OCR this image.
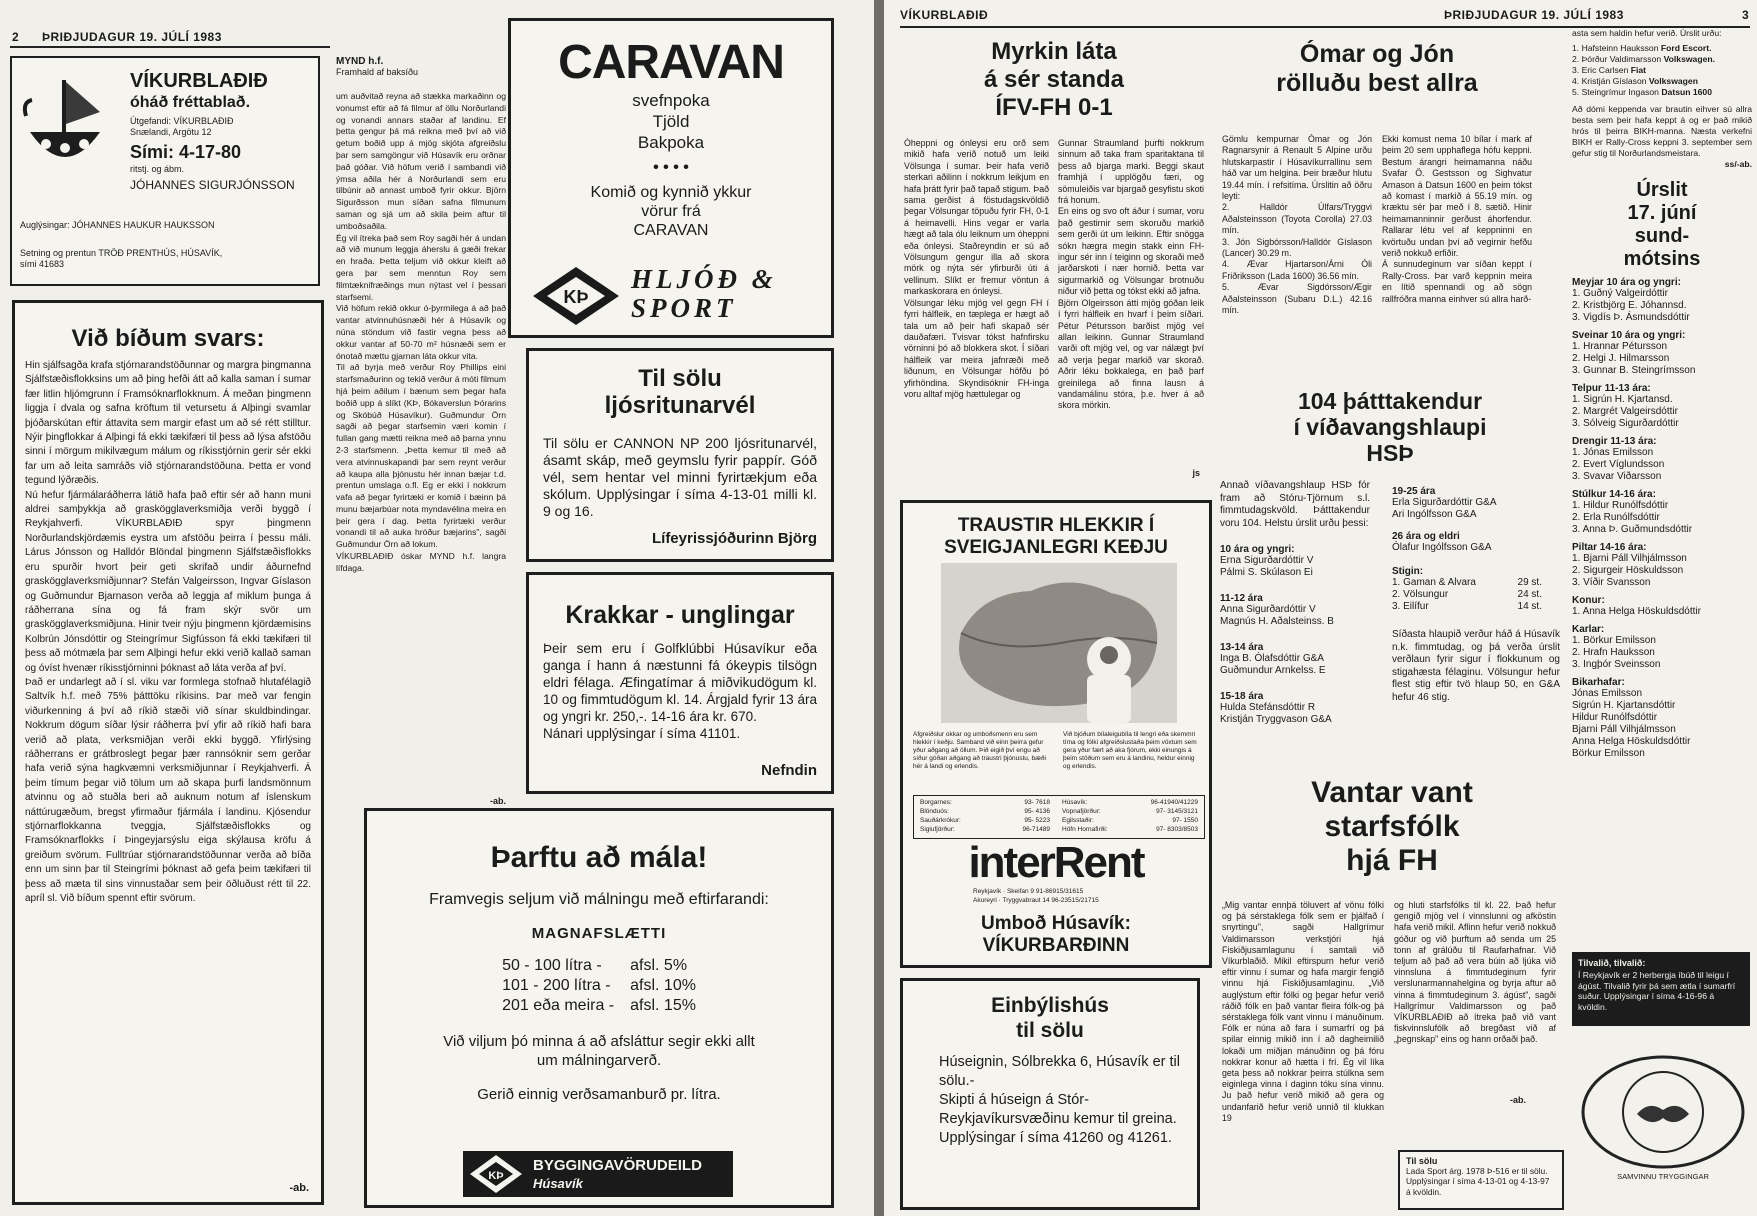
2 ÞRIÐJUDAGUR 19. JÚLÍ 1983
VÍKURBLAÐIÐ
óháð fréttablað.
Útgefandi: VÍKURBLAÐIÐ
Snælandi, Argötu 12
Sími: 4-17-80
ritstj. og ábm.
JÓHANNES SIGURJÓNSSON
Auglýsingar: JÓHANNES HAUKUR HAUKSSON
Setning og prentun TRÖÐ PRENTHÚS, HÚSAVÍK,
sími 41683
Við bíðum svars:
Hin sjálfsagða krafa stjórnarandstöðunnar og margra þingmanna Sjálfstæðisflokksins um að þing hefði átt að kalla saman í sumar fær litlin hljómgrunn í Framsóknarflokknum. Á meðan þingmenn liggja í dvala og safna kröftum til vetursetu á Alþingi svamlar þjóðarskútan eftir áttavita sem margir efast um að sé rétt stilltur. Nýir þingflokkar á Alþingi fá ekki tækifæri til þess að lýsa afstöðu sinni í mörgum mikilvægum málum og ríkisstjórnin gerir sér ekki far um að leita samráðs við stjórnarandstöðuna. Þetta er vond tegund lýðræðis.
Nú hefur fjármálaráðherra látið hafa það eftir sér að hann muni aldrei samþykkja að graskögglaverksmiðja verði byggð í Reykjahverfi. VÍKURBLAÐIÐ spyr þingmenn Norðurlandskjördæmis eystra um afstöðu þeirra í þessu máli. Lárus Jónsson og Halldór Blöndal þingmenn Sjálfstæðisflokks eru spurðir hvort þeir geti skrifað undir áðurnefnd graskögglaverksmiðjunnar? Stefán Valgeirsson, Ingvar Gíslason og Guðmundur Bjarnason verða að leggja af miklum þunga á ráðherrana sína og fá fram skýr svör um graskögglaverksmiðjuna. Hinir tveir nýju þingmenn kjördæmisins Kolbrún Jónsdóttir og Steingrímur Sigfússon fá ekki tækifæri til þess að mótmæla þar sem Alþingi hefur ekki verið kallað saman og óvíst hvenær ríkisstjórninni þóknast að láta verða af því.
Það er undarlegt að í sl. viku var formlega stofnað hlutafélagið Saltvík h.f. með 75% þátttöku ríkisins. Þar með var fengin viðurkenning á því að ríkið stæði við sínar skuldbindingar. Nokkrum dögum síðar lýsir ráðherra því yfir að ríkið hafi bara verið að plata, verksmiðjan verði ekki byggð. Yfirlýsing ráðherrans er grátbroslegt þegar þær rannsóknir sem gerðar hafa verið sýna hagkvæmni verksmiðjunnar í Reykjahverfi. Á þeim tímum þegar við tölum um að skapa þurfi landsmönnum atvinnu og að stuðla beri að auknum notum af íslenskum náttúrugæðum, bregst yfirmaður fjármála í landinu. Kjósendur stjórnarflokkanna tveggja, Sjálfstæðisflokks og Framsóknarflokks í Þingeyjarsýslu eiga skýlausa kröfu á greiðum svörum. Fulltrúar stjórnarandstöðunnar verða að bíða enn um sinn þar til Steingrími þóknast að gefa þeim tækifæri til þess að mæta til sins vinnustaðar sem þeir öðluðust rétt til 22. apríl sl. Við bíðum spennt eftir svörum.
-ab.
MYND h.f.
Framhald af baksíðu
um auðvitað reyna að stækka markaðinn og vonumst eftir að fá filmur af öllu Norðurlandi og vonandi annars staðar af landinu. Ef þetta gengur þá má reikna með því að við getum boðið upp á mjög skjóta afgreiðslu þar sem samgöngur við Húsavík eru orðnar það góðar. Við höfum verið í sambandi við ýmsa aðila hér á Norðurlandi sem eru tilbúnir að annast umboð fyrir okkur. Björn Sigurðsson mun síðan safna filmunum saman og sjá um að skila þeim aftur til umboðsaðila.
Ég vil ítreka það sem Roy sagði hér á undan að við munum leggja áherslu á gæði frekar en hraða. Þetta teljum við okkur kleift að gera þar sem menntun Roy sem filmtæknifræðings mun nýtast vel í þessari starfsemi.
Við höfum rekið okkur ó-þyrmilega á að það vantar atvinnuhúsnæði hér á Húsavík og núna stöndum við fastir vegna þess að okkur vantar af 50-70 m² húsnæði sem er ónotað mættu gjarnan láta okkur vita.
Til að byrja með verður Roy Phillips eini starfsmaðurinn og tekið verður á móti filmum hjá þeim aðilum í bænum sem þegar hafa boðið upp á slíkt (KÞ, Bókaverslun Þórarins og Skóbúð Húsavíkur). Guðmundur Örn sagði að þegar starfsemin væri komin í fullan gang mætti reikna með að þarna ynnu 2-3 starfsmenn. „Þetta kemur til með að vera atvinnuskapandi þar sem reynt verður að kaupa alla þjónustu hér innan bæjar t.d. prentun umslaga o.fl. Eg er ekki í nokkrum vafa að þegar fyrirtæki er komið í bæinn þá munu bæjarbúar nota myndavélina meira en þeir gera í dag. Þetta fyrirtæki verður vonandi til að auka hróður bæjarins", sagði Guðmundur Örn að lokum.
VÍKURBLAÐIÐ óskar MYND h.f. langra lífdaga.
-ab.
CARAVAN
svefnpoka
Tjöld
Bakpoka
• • • •
Komið og kynnið ykkur
vörur frá
CARAVAN
KÞ
HLJÓÐ &
SPORT
Til sölu
ljósritunarvél
Til sölu er CANNON NP 200 ljósritunarvél, ásamt skáp, með geymslu fyrir pappír. Góð vél, sem hentar vel minni fyrirtækjum eða skólum. Upplýsingar í síma 4-13-01 milli kl. 9 og 16.
Lífeyrissjóðurinn Björg
Krakkar - unglingar
Þeir sem eru í Golfklúbbi Húsavíkur eða ganga í hann á næstunni fá ókeypis tilsögn eldri félaga. Æfingatímar á miðvikudögum kl. 10 og fimmtudögum kl. 14. Árgjald fyrir 13 ára og yngri kr. 250,-. 14-16 ára kr. 670.
Nánari upplýsingar í síma 41101.
Nefndin
Þarftu að mála!
Framvegis seljum við málningu með eftirfarandi:
MAGNAFSLÆTTI
50 - 100 lítra -	afsl. 5%
101 - 200 lítra -	afsl. 10%
201 eða meira -	afsl. 15%
Við viljum þó minna á að afsláttur segir ekki allt
um málningarverð.
Gerið einnig verðsamanburð pr. lítra.
KÞ
BYGGINGAVÖRUDEILD
Húsavík
VÍKURBLAÐIÐ	ÞRIÐJUDAGUR 19. JÚLÍ 1983	3
Myrkin láta
á sér standa
ÍFV-FH 0-1
Óheppni og ónleysi eru orð sem mikið hafa verið notuð um leiki Völsunga í sumar. Þeir hafa verið sterkari aðilinn í nokkrum leikjum en hafa þrátt fyrir það tapað stigum. Það sama gerðist á föstudagskvöldið þegar Völsungar töpuðu fyrir FH, 0-1 á heimavelli. Hins vegar er varla hægt að tala ólu leiknum um óheppni eða ónleysi. Staðreyndin er sú að Völsungum gengur illa að skora mörk og nýta sér yfirburði úti á vellinum. Slíkt er fremur vöntun á markaskorara en ónleysi.
Völsungar léku mjög vel gegn FH í fyrri hálfleik, en tæplega er hægt að tala um að þeir hafi skapað sér dauðafæri. Tvisvar tókst hafnfirsku vörninni þó að blokkera skot. Í síðari hálfleik var meira jafnræði með liðunum, en Völsungar höfðu þó yfirhöndina. Skyndisóknir FH-inga voru alltaf mjög hættulegar og
Gunnar Straumland þurfti nokkrum sinnum að taka fram sparitaktana til þess að bjarga marki. Beggi skaut framhjá í upplögðu færi, og sömuleiðis var bjargað gesyfistu skoti frá honum.
En eins og svo oft áður í sumar, voru það gestirnir sem skoruðu markið sem gerði út um leikinn. Eftir snögga sókn hægra megin stakk einn FH-ingur sér inn í teiginn og skoraði með jarðarskoti í nær hornið. Þetta var sigurmarkið og Völsungar brotnuðu niður við þetta og tókst ekki að jafna.
Björn Olgeirsson átti mjög góðan leik í fyrri hálfleik en hvarf í þeim síðari. Pétur Pétursson barðist mjög vel allan leikinn. Gunnar Straumland varði oft mjög vel, og var nálægt því að verja þegar markið var skorað. Aðrir léku bokkalega, en það þarf greinilega að finna lausn á vandamálinu stóra, þ.e. hver á að skora mörkin.
js
Ómar og Jón
rölluðu best allra
Gömlu kempurnar Ómar og Jón Ragnarsynir á Renault 5 Alpine urðu hlutskarpastir í Húsavíkurrallinu sem háð var um helgina. Þeir bræður hlutu 19.44 mín. í refsitíma. Úrslitin að öðru leyti:
2. Halldór Úlfars/Tryggvi Aðalsteinsson (Toyota Corolla) 27.03 mín.
3. Jón Sigbórsson/Halldór Gíslason (Lancer) 30.29 m.
4. Ævar Hjartarson/Árni Óli Friðriksson (Lada 1600) 36.56 mín.
5. Ævar Sigdórsson/Ægir Aðalsteinsson (Subaru D.L.) 42.16 mín.
Ekki komust nema 10 bílar í mark af þeim 20 sem upphaflega hófu keppni. Bestum árangri heimamanna náðu Svafar Ö. Gestsson og Sighvatur Arnason á Datsun 1600 en þeim tókst að komast í markið á 55.19 mín. og kræktu sér þar með í 8. sætið. Hinir heimamanninnir gerðust áhorfendur. Rallarar létu vel af keppninni en kvörtuðu undan því að vegirnir hefðu verið nokkuð erfiðir.
Á sunnudeginum var síðan keppt í Rally-Cross. Þar varð keppnin meira en lítið spennandi og að sögn rallfróðra manna einhver sú allra harð-
asta sem haldin hefur verið. Úrslit urðu:
1. Hafsteinn Hauksson Ford Escort.
2. Þórður Valdimarsson Volkswagen.
3. Eric Carlsen Fiat
4. Kristján Gíslason Volkswagen
5. Steingrímur Ingason Datsun 1600
Að dómi keppenda var brautin eihver sú allra besta sem þeir hafa keppt á og er það mikið hrós til þeirra BIKH-manna. Næsta verkefni BIKH er Rally-Cross keppni 3. september sem gefur stig til Norðurlandsmeistara.
ss/-ab.
Úrslit
17. júní
sund-
mótsins
Meyjar 10 ára og yngri:

1. Guðný Valgeirdóttir
2. Kristbjörg E. Jóhannsd.
3. Vigdís Þ. Ásmundsdóttir

Sveinar 10 ára og yngri:

1. Hrannar Pétursson
2. Helgi J. Hilmarsson
3. Gunnar B. Steingrímsson

Telpur 11-13 ára:

1. Sigrún H. Kjartansd.
2. Margrét Valgeirsdóttir
3. Sólveig Sigurðardóttir

Drengir 11-13 ára:

1. Jónas Emilsson
2. Evert Víglundsson
3. Svavar Viðarsson

Stúlkur 14-16 ára:

1. Hildur Runólfsdóttir
2. Erla Runólfsdóttir
3. Anna Þ. Guðmundsdóttir

Piltar 14-16 ára:

1. Bjarni Páll Vilhjálmsson
2. Sigurgeir Höskuldsson
3. Víðir Svansson

Konur:

1. Anna Helga Höskuldsdóttir

Karlar:

1. Börkur Emilsson
2. Hrafn Hauksson
3. Ingþór Sveinsson

Bikarhafar:

Jónas Emilsson
Sigrún H. Kjartansdóttir
Hildur Runólfsdóttir
Bjarni Páll Vilhjálmsson
Anna Helga Höskuldsdóttir
Börkur Emilsson

Tilvalið, tilvalið:
Í Reykjavík er 2 herbergja íbúð til leigu í ágúst. Tilvalið fyrir þá sem ætla í sumarfrí suður. Upplýsingar í síma 4-16-96 á kvöldin.
SAMVINNU TRYGGINGAR
104 þátttakendur
í víðavangshlaupi
HSÞ
Annað víðavangshlaup HSÞ fór fram að Stóru-Tjörnum s.l. fimmtudagskvöld. Þátttakendur voru 104. Helstu úrslit urðu þessi:
10 ára og yngri:

Erna Sigurðardóttir V
Pálmi S. Skúlason Ei

11-12 ára

Anna Sigurðardóttir V
Magnús H. Aðalsteinss. B

13-14 ára

Inga B. Ólafsdóttir G&A
Guðmundur Arnkelss. E

15-18 ára

Hulda Stefánsdóttir R
Kristján Tryggvason G&A

19-25 ára

Erla Sigurðardóttir G&A
Ari Ingólfsson G&A

26 ára og eldri

Ólafur Ingólfsson G&A

Stigin:
1. Gaman & Alvara	29 st.
2. Völsungur	24 st.
3. Eilífur	14 st.
Síðasta hlaupið verður háð á Húsavík n.k. fimmtudag, og þá verða úrslit verðlaun fyrir sigur í flokkunum og stigahæsta félaginu. Völsungur hefur flest stig eftir tvö hlaup 50, en G&A hefur 46 stig.
Vantar vant
starfsfólk
hjá FH
„Mig vantar ennþá töluvert af vönu fólki og þá sérstaklega fólk sem er þjálfað í snyrtingu", sagði Hallgrímur Valdimarsson verkstjóri hjá Fiskiðjusamlagunu í samtali við Víkurblaðið. Mikil eftirspurn hefur verið eftir vinnu í sumar og hafa margir fengið vinnu hjá Fiskiðjusamlaginu. „Við auglýstum eftir fólki og þegar hefur verið ráðið fólk en það vantar fleira fólk-og þá sérstaklega fólk vant vinnu í mánuðinum. Fólk er núna að fara í sumarfrí og þá spilar einnig mikið inn í að dagheimilið lokaði um miðjan mánuðinn og þá fóru nokkrar konur að hætta í frí. Ég vil líka geta þess að nokkrar þeirra stúlkna sem eiginlega vinna í daginn tóku sína vinnu. Ju það hefur verið mikið að gera og undanfarið hefur verið unnið til klukkan 19
og hluti starfsfólks til kl. 22. Það hefur gengið mjög vel í vinnslunni og afköstin hafa verið mikil. Aflinn hefur verið nokkuð góður og við þurftum að senda um 25 tonn af grálúðu til Raufarhafnar. Við teljum að það að vera búin að ljúka við vinnsluna á fimmtudeginum fyrir verslunarmannahelgina og byrja aftur að vinna á fimmtudeginum 3. ágúst", sagði Hallgrímur Valdimarsson og það VÍKURBLAÐIÐ að ítreka það við vant fiskvinnslufólk að bregðast við af „þegnskap" eins og hann orðaði það.
-ab.
Til sölu
Lada Sport árg. 1978 Þ-516 er til sölu. Upplýsingar í síma 4-13-01 og 4-13-97 á kvöldin.
TRAUSTIR HLEKKIR Í
SVEIGJANLEGRI KEÐJU
Afgreiðslur okkar og umboðsmenn eru sem hlekkir í keðju. Samband við einn þeirra gefur yður aðgang að öllum. Þið eigið því engu að síður góðan aðgang að traustri þjónustu, bæði hér á landi og erlendis.
Við bjóðum bílaleigubíla til lengri eða skemmri tíma og fólki afgreiðslustaða þeim vöxtum sem gera yður fært að aka fjórum, ekki einungis á þeim stöðum sem eru á landinu, heldur einnig og erlendis.
Borgarnes:	93- 7618
Blönduós:	95- 4136
Sauðárkrókur:	95- 5223
Siglufjörður:	96-71489
Húsavík:	96-41940/41229
Vopnafjörður:	97- 3145/3121
Egilsstaðir:	97- 1550
Höfn Hornafirði:	97- 8303/8503
interRent
Reykjavík · Skeifan 9 91-86915/31615
Akureyri · Tryggvabraut 14 96-23515/21715
Umboð Húsavík:
VÍKURBARÐINN
Einbýlishús
til sölu
Húseignin, Sólbrekka 6, Húsavík er til sölu.-
Skipti á húseign á Stór-Reykjavíkursvæðinu kemur til greina.
Upplýsingar í síma 41260 og 41261.
